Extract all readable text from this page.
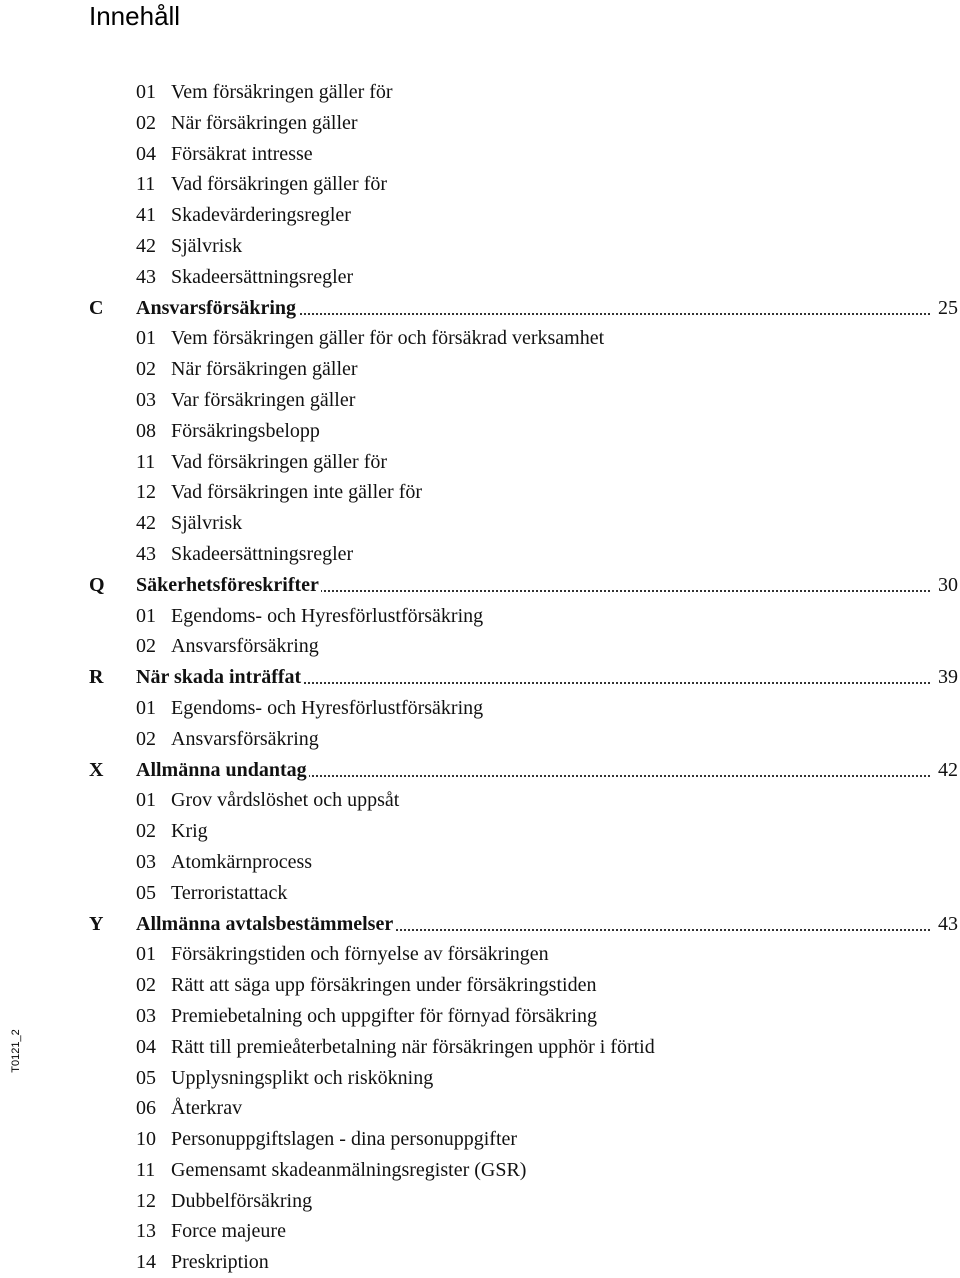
Innehåll
T0121_2
01 Vem försäkringen gäller för
02 När försäkringen gäller
04 Försäkrat intresse
11 Vad försäkringen gäller för
41 Skadevärderingsregler
42 Självrisk
43 Skadeersättningsregler
C Ansvarsförsäkring	25
01 Vem försäkringen gäller för och försäkrad verksamhet
02 När försäkringen gäller
03 Var försäkringen gäller
08 Försäkringsbelopp
11 Vad försäkringen gäller för
12 Vad försäkringen inte gäller för
42 Självrisk
43 Skadeersättningsregler
Q Säkerhetsföreskrifter	30
01 Egendoms- och Hyresförlustförsäkring
02 Ansvarsförsäkring
R När skada inträffat	39
01 Egendoms- och Hyresförlustförsäkring
02 Ansvarsförsäkring
X Allmänna undantag	42
01 Grov vårdslöshet och uppsåt
02 Krig
03 Atomkärnprocess
05 Terroristattack
Y Allmänna avtalsbestämmelser	43
01 Försäkringstiden och förnyelse av försäkringen
02 Rätt att säga upp försäkringen under försäkringstiden
03 Premiebetalning och uppgifter för förnyad försäkring
04 Rätt till premieåterbetalning när försäkringen upphör i förtid
05 Upplysningsplikt och riskökning
06 Återkrav
10 Personuppgiftslagen - dina personuppgifter
11 Gemensamt skadeanmälningsregister (GSR)
12 Dubbelförsäkring
13 Force majeure
14 Preskription
